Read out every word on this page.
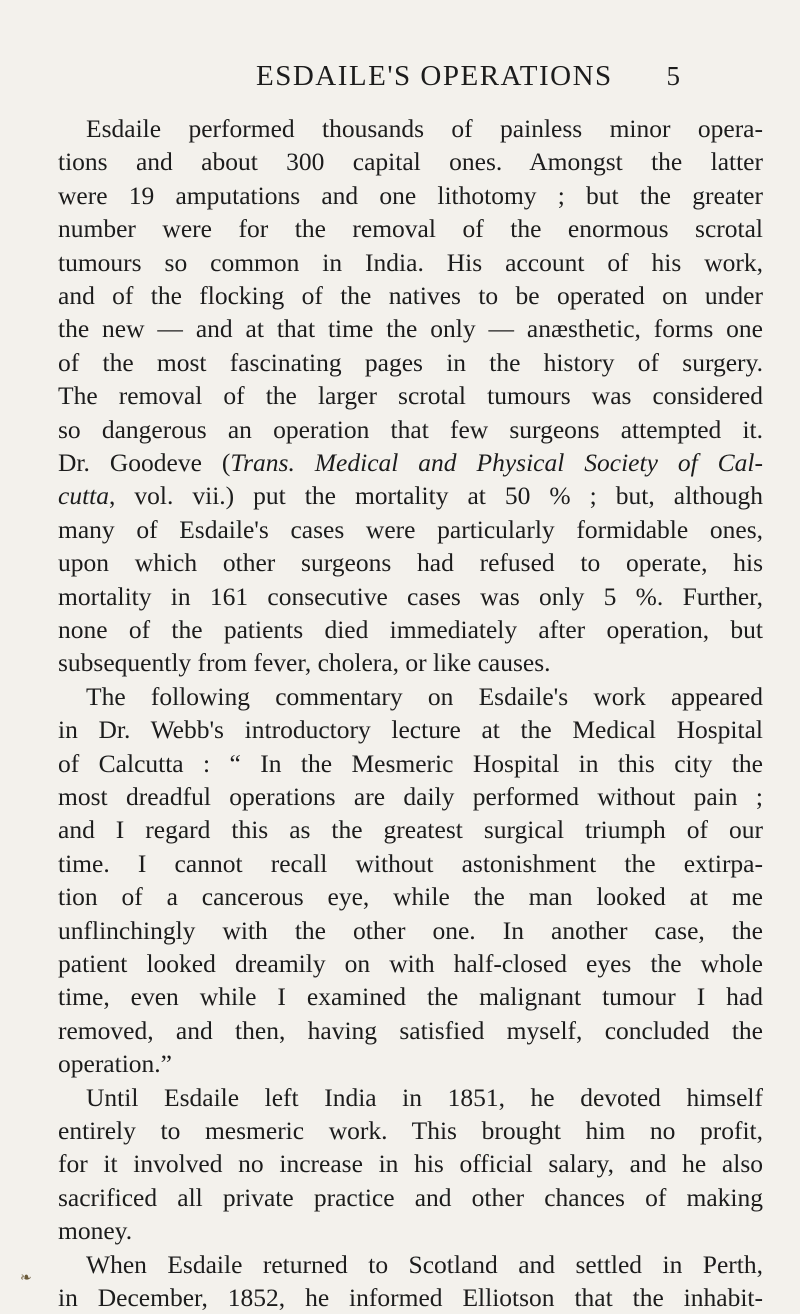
ESDAILE'S OPERATIONS 5
Esdaile performed thousands of painless minor opera-
tions and about 300 capital ones. Amongst the latter
were 19 amputations and one lithotomy ; but the greater
number were for the removal of the enormous scrotal
tumours so common in India. His account of his work,
and of the flocking of the natives to be operated on under
the new — and at that time the only — anæsthetic, forms one
of the most fascinating pages in the history of surgery.
The removal of the larger scrotal tumours was considered
so dangerous an operation that few surgeons attempted it.
Dr. Goodeve (Trans. Medical and Physical Society of Cal-
cutta, vol. vii.) put the mortality at 50 % ; but, although
many of Esdaile's cases were particularly formidable ones,
upon which other surgeons had refused to operate, his
mortality in 161 consecutive cases was only 5 %. Further,
none of the patients died immediately after operation, but
subsequently from fever, cholera, or like causes.
The following commentary on Esdaile's work appeared
in Dr. Webb's introductory lecture at the Medical Hospital
of Calcutta : “ In the Mesmeric Hospital in this city the
most dreadful operations are daily performed without pain ;
and I regard this as the greatest surgical triumph of our
time. I cannot recall without astonishment the extirpa-
tion of a cancerous eye, while the man looked at me
unflinchingly with the other one. In another case, the
patient looked dreamily on with half-closed eyes the whole
time, even while I examined the malignant tumour I had
removed, and then, having satisfied myself, concluded the
operation.”
Until Esdaile left India in 1851, he devoted himself
entirely to mesmeric work. This brought him no profit,
for it involved no increase in his official salary, and he also
sacrificed all private practice and other chances of making
money.
When Esdaile returned to Scotland and settled in Perth,
in December, 1852, he informed Elliotson that the inhabit-
❧
